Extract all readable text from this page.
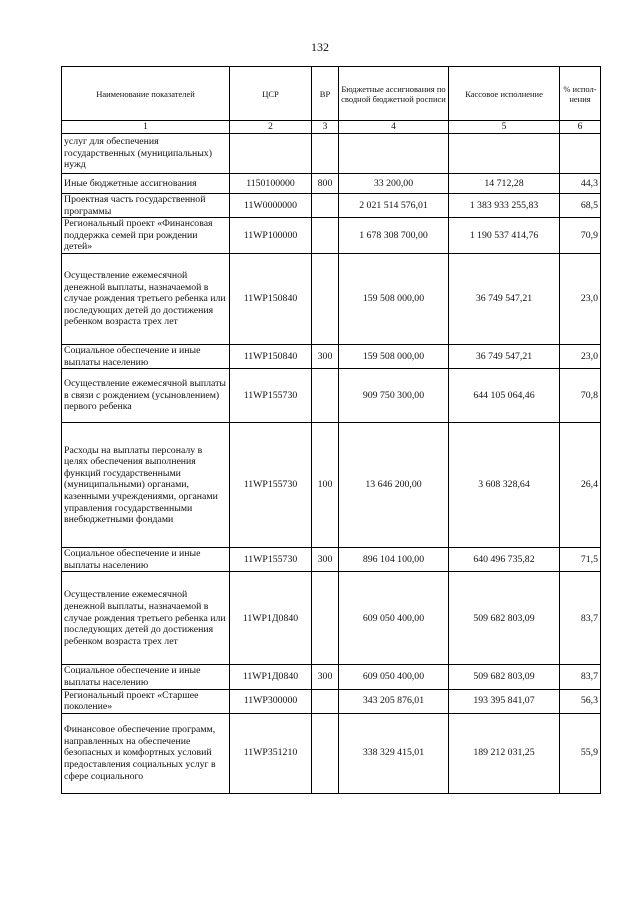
132
Наименование показателей	ЦСР	ВР	Бюджетные ассигнования по сводной бюджетной росписи	Кассовое исполнение	% испол-нения
1	2	3	4	5	6
услуг для обеспечения государственных (муниципальных) нужд					
Иные бюджетные ассигнования	1150100000	800	33 200,00	14 712,28	44,3
Проектная часть государственной программы	11W0000000		2 021 514 576,01	1 383 933 255,83	68,5
Региональный проект «Финансовая поддержка семей при рождении детей»	11WP100000		1 678 308 700,00	1 190 537 414,76	70,9
Осуществление ежемесячной денежной выплаты, назначаемой в случае рождения третьего ребенка или последующих детей до достижения ребенком возраста трех лет	11WP150840		159 508 000,00	36 749 547,21	23,0
Социальное обеспечение и иные выплаты населению	11WP150840	300	159 508 000,00	36 749 547,21	23,0
Осуществление ежемесячной выплаты в связи с рождением (усыновлением) первого ребенка	11WP155730		909 750 300,00	644 105 064,46	70,8
Расходы на выплаты персоналу в целях обеспечения выполнения функций государственными (муниципальными) органами, казенными учреждениями, органами управления государственными внебюджетными фондами	11WP155730	100	13 646 200,00	3 608 328,64	26,4
Социальное обеспечение и иные выплаты населению	11WP155730	300	896 104 100,00	640 496 735,82	71,5
Осуществление ежемесячной денежной выплаты, назначаемой в случае рождения третьего ребенка или последующих детей до достижения ребенком возраста трех лет	11WP1Д0840		609 050 400,00	509 682 803,09	83,7
Социальное обеспечение и иные выплаты населению	11WP1Д0840	300	609 050 400,00	509 682 803,09	83,7
Региональный проект «Старшее поколение»	11WP300000		343 205 876,01	193 395 841,07	56,3
Финансовое обеспечение программ, направленных на обеспечение безопасных и комфортных условий предоставления социальных услуг в сфере социального	11WP351210		338 329 415,01	189 212 031,25	55,9
